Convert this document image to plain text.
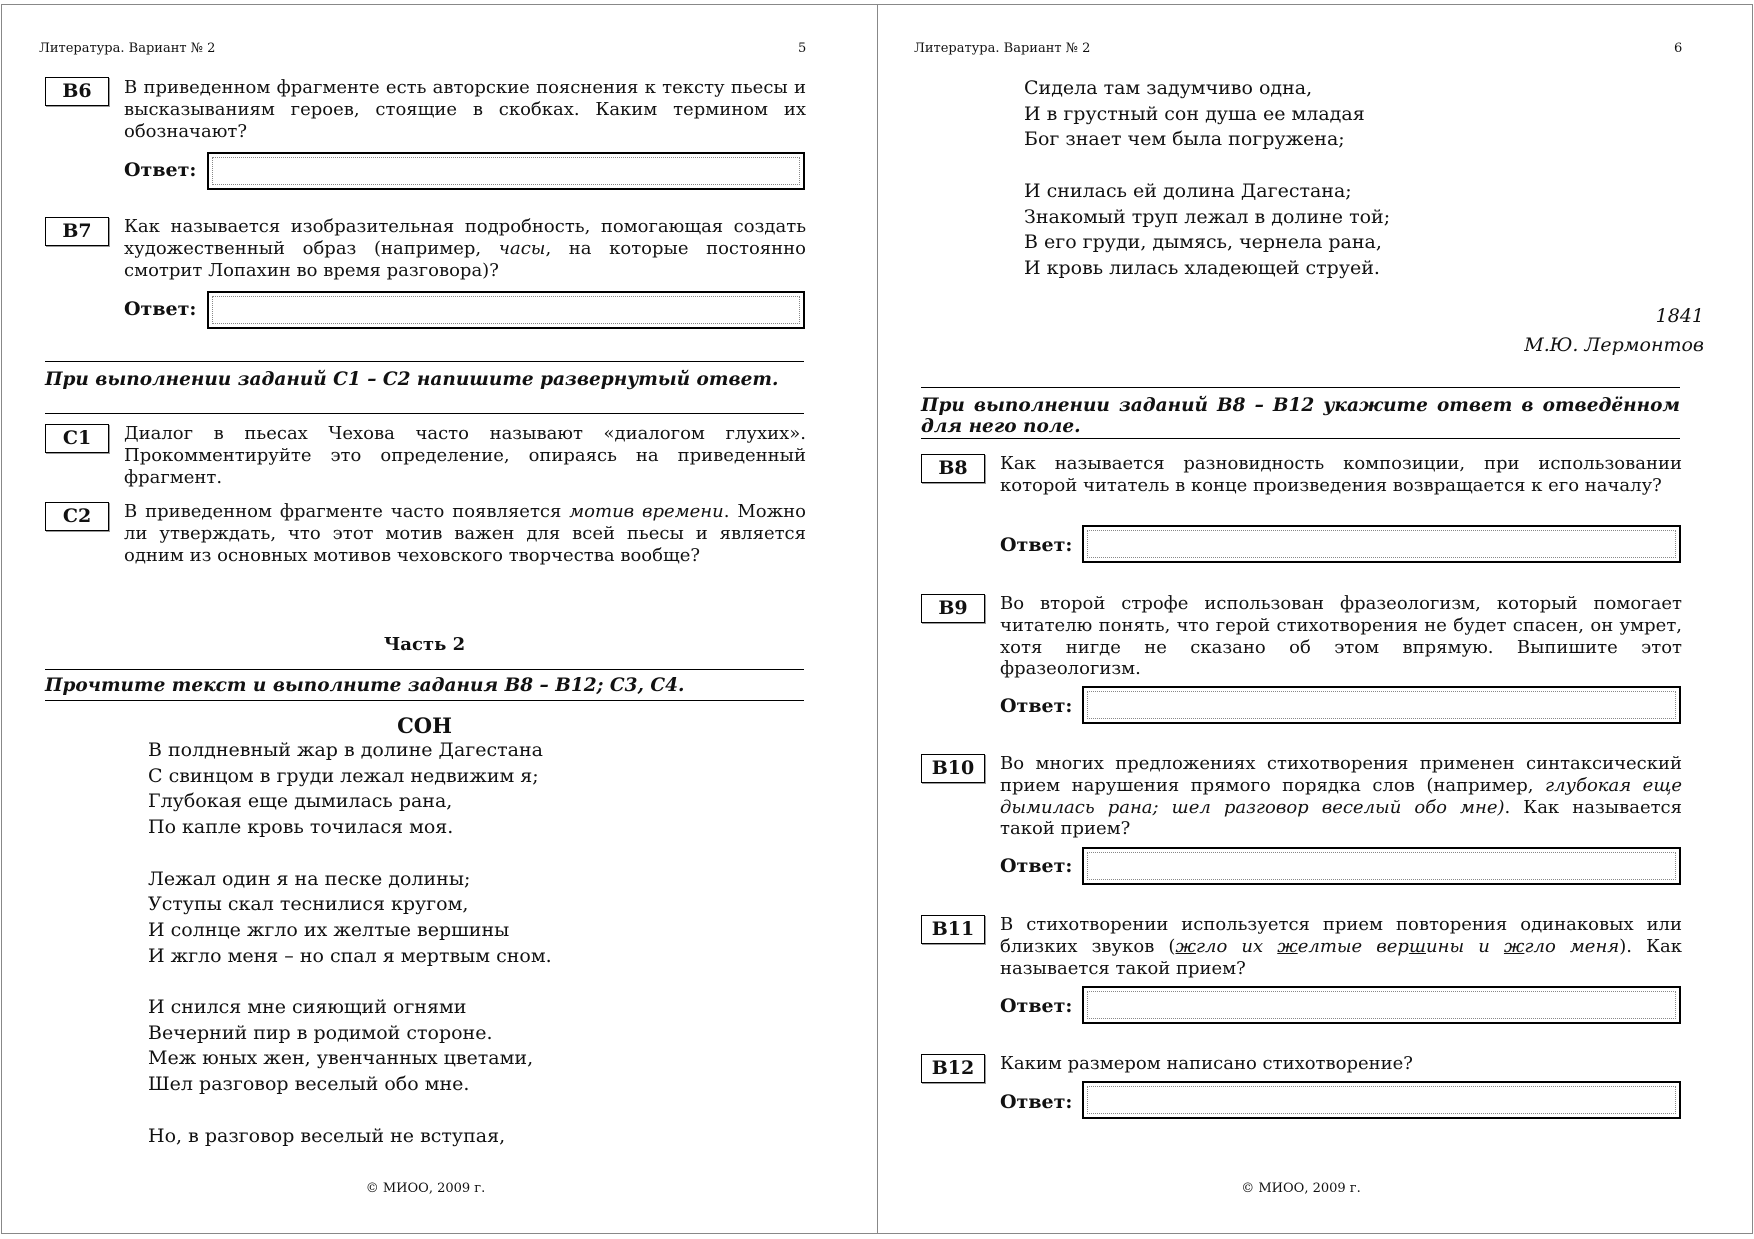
Литература. Вариант № 2	5
В6	В приведенном фрагменте есть авторские пояснения к тексту пьесы и высказываниям героев, стоящие в скобках. Каким термином их обозначают?
Ответ:
В7	Как называется изобразительная подробность, помогающая создать художественный образ (например, часы, на которые постоянно смотрит Лопахин во время разговора)?
Ответ:
При выполнении заданий С1 – С2 напишите развернутый ответ.
С1	Диалог в пьесах Чехова часто называют «диалогом глухих». Прокомментируйте это определение, опираясь на приведенный фрагмент.
С2	В приведенном фрагменте часто появляется мотив времени. Можно ли утверждать, что этот мотив важен для всей пьесы и является одним из основных мотивов чеховского творчества вообще?
Часть 2
Прочтите текст и выполните задания В8 – В12; С3, С4.
СОН
В полдневный жар в долине Дагестана
С свинцом в груди лежал недвижим я;
Глубокая еще дымилась рана,
По капле кровь точилася моя.

Лежал один я на песке долины;
Уступы скал теснилися кругом,
И солнце жгло их желтые вершины
И жгло меня – но спал я мертвым сном.

И снился мне сияющий огнями
Вечерний пир в родимой стороне.
Меж юных жен, увенчанных цветами,
Шел разговор веселый обо мне.

Но, в разговор веселый не вступая,
© МИОО, 2009 г.
Литература. Вариант № 2	6
Сидела там задумчиво одна,
И в грустный сон душа ее младая
Бог знает чем была погружена;

И снилась ей долина Дагестана;
Знакомый труп лежал в долине той;
В его груди, дымясь, чернела рана,
И кровь лилась хладеющей струей.
1841
М.Ю. Лермонтов
При выполнении заданий В8 – В12 укажите ответ в отведённом для него поле.
В8	Как называется разновидность композиции, при использовании которой читатель в конце произведения возвращается к его началу?
Ответ:
В9	Во второй строфе использован фразеологизм, который помогает читателю понять, что герой стихотворения не будет спасен, он умрет, хотя нигде не сказано об этом впрямую. Выпишите этот фразеологизм.
Ответ:
В10	Во многих предложениях стихотворения применен синтаксический прием нарушения прямого порядка слов (например, глубокая еще дымилась рана; шел разговор веселый обо мне). Как называется такой прием?
Ответ:
В11	В стихотворении используется прием повторения одинаковых или близких звуков (жгло их желтые вершины и жгло меня). Как называется такой прием?
Ответ:
В12	Каким размером написано стихотворение?
Ответ:
© МИОО, 2009 г.
